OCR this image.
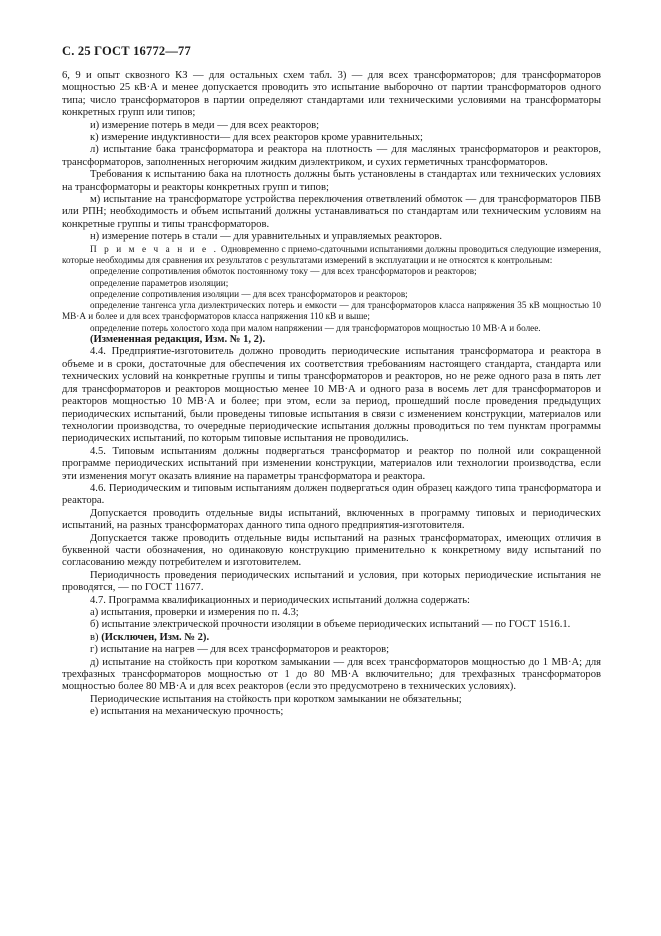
С. 25 ГОСТ 16772—77

6, 9 и опыт сквозного КЗ — для остальных схем табл. 3) — для всех трансформаторов; для трансформаторов мощностью 25 кВ·А и менее допускается проводить это испытание выборочно от партии трансформаторов одного типа; число трансформаторов в партии определяют стандартами или техническими условиями на трансформаторы конкретных групп или типов;

и) измерение потерь в меди — для всех реакторов;

к) измерение индуктивности— для всех реакторов кроме уравнительных;

л) испытание бака трансформатора и реактора на плотность — для масляных трансформаторов и реакторов, трансформаторов, заполненных негорючим жидким диэлектриком, и сухих герметичных трансформаторов.

Требования к испытанию бака на плотность должны быть установлены в стандартах или технических условиях на трансформаторы и реакторы конкретных групп и типов;

м) испытание на трансформаторе устройства переключения ответвлений обмоток — для трансформаторов ПБВ или РПН; необходимость и объем испытаний должны устанавливаться по стандартам или техническим условиям на конкретные группы и типы трансформаторов.

н) измерение потерь в стали — для уравнительных и управляемых реакторов.

П р и м е ч а н и е . Одновременно с приемо-сдаточными испытаниями должны проводиться следующие измерения, которые необходимы для сравнения их результатов с результатами измерений в эксплуатации и не относятся к контрольным:

определение сопротивления обмоток постоянному току — для всех трансформаторов и реакторов;

определение параметров изоляции;

определение сопротивления изоляции — для всех трансформаторов и реакторов;

определение тангенса угла диэлектрических потерь и емкости — для трансформаторов класса напряжения 35 кВ мощностью 10 МВ·А и более и для всех трансформаторов класса напряжения 110 кВ и выше;

определение потерь холостого хода при малом напряжении — для трансформаторов мощностью 10 МВ·А и более.

(Измененная редакция, Изм. № 1, 2).

4.4. Предприятие-изготовитель должно проводить периодические испытания трансформатора и реактора в объеме и в сроки, достаточные для обеспечения их соответствия требованиям настоящего стандарта, стандарта или технических условий на конкретные группы и типы трансформаторов и реакторов, но не реже одного раза в пять лет для трансформаторов и реакторов мощностью менее 10 МВ·А и одного раза в восемь лет для трансформаторов и реакторов мощностью 10 МВ·А и более; при этом, если за период, прошедший после проведения предыдущих периодических испытаний, были проведены типовые испытания в связи с изменением конструкции, материалов или технологии производства, то очередные периодические испытания должны проводиться по тем пунктам программы периодических испытаний, по которым типовые испытания не проводились.

4.5. Типовым испытаниям должны подвергаться трансформатор и реактор по полной или сокращенной программе периодических испытаний при изменении конструкции, материалов или технологии производства, если эти изменения могут оказать влияние на параметры трансформатора и реактора.

4.6. Периодическим и типовым испытаниям должен подвергаться один образец каждого типа трансформатора и реактора.

Допускается проводить отдельные виды испытаний, включенных в программу типовых и периодических испытаний, на разных трансформаторах данного типа одного предприятия-изготовителя.

Допускается также проводить отдельные виды испытаний на разных трансформаторах, имеющих отличия в буквенной части обозначения, но одинаковую конструкцию применительно к конкретному виду испытаний по согласованию между потребителем и изготовителем.

Периодичность проведения периодических испытаний и условия, при которых периодические испытания не проводятся, — по ГОСТ 11677.

4.7. Программа квалификационных и периодических испытаний должна содержать:

а) испытания, проверки и измерения по п. 4.3;

б) испытание электрической прочности изоляции в объеме периодических испытаний — по ГОСТ 1516.1.

в) (Исключен, Изм. № 2).

г) испытание на нагрев — для всех трансформаторов и реакторов;

д) испытание на стойкость при коротком замыкании — для всех трансформаторов мощностью до 1 МВ·А; для трехфазных трансформаторов мощностью от 1 до 80 МВ·А включительно; для трехфазных трансформаторов мощностью более 80 МВ·А и для всех реакторов (если это предусмотрено в технических условиях).

Периодические испытания на стойкость при коротком замыкании не обязательны;

е) испытания на механическую прочность;
